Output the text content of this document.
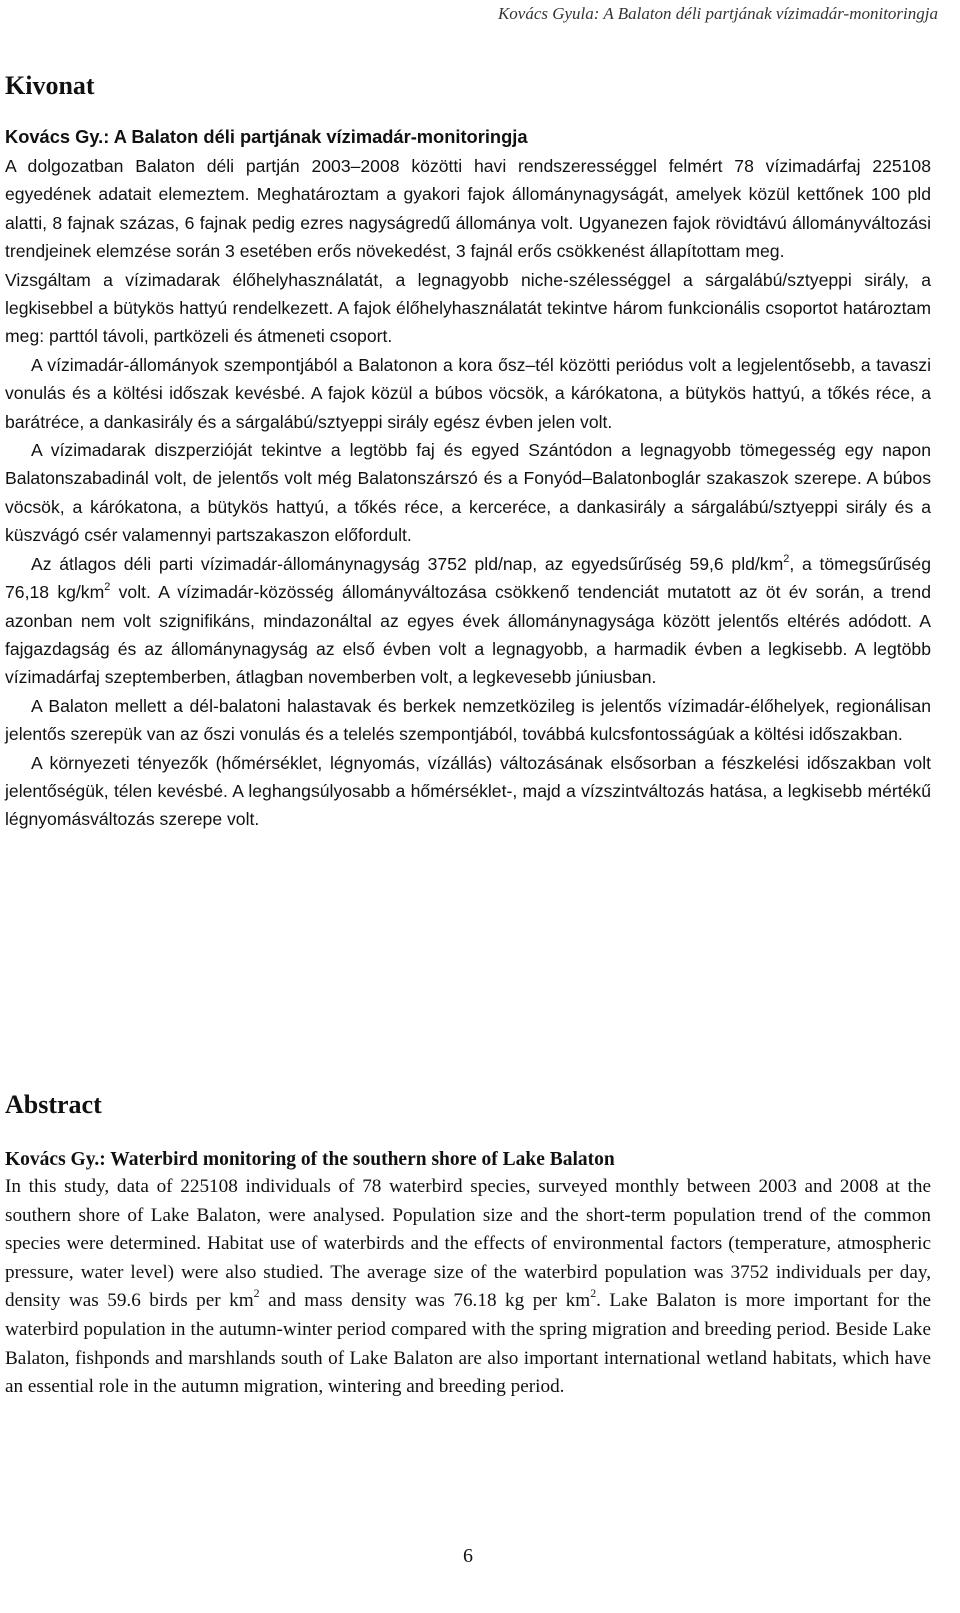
Kovács Gyula: A Balaton déli partjának vízimadár-monitoringja
Kivonat
Kovács Gy.: A Balaton déli partjának vízimadár-monitoringja

A dolgozatban Balaton déli partján 2003–2008 közötti havi rendszerességgel felmért 78 vízimadárfaj 225108 egyedének adatait elemeztem. Meghatároztam a gyakori fajok állománynagyságát, amelyek közül kettőnek 100 pld alatti, 8 fajnak százas, 6 fajnak pedig ezres nagyságredű állománya volt. Ugyanezen fajok rövidtávú állományváltozási trendjeinek elemzése során 3 esetében erős növekedést, 3 fajnál erős csökkenést állapítottam meg.

Vizsgáltam a vízimadarak élőhelyhasználatát, a legnagyobb niche-szélességgel a sárgalábú/sztyeppi sirály, a legkisebbel a bütykös hattyú rendelkezett. A fajok élőhelyhasználatát tekintve három funkcionális csoportot határoztam meg: parttól távoli, partközeli és átmeneti csoport.

A vízimadár-állományok szempontjából a Balatonon a kora ősz–tél közötti periódus volt a legjelentősebb, a tavaszi vonulás és a költési időszak kevésbé. A fajok közül a búbos vöcsök, a kárókatona, a bütykös hattyú, a tőkés réce, a barátréce, a dankasirály és a sárgalábú/sztyeppi sirály egész évben jelen volt.

A vízimadarak diszperzióját tekintve a legtöbb faj és egyed Szántódon a legnagyobb tömegesség egy napon Balatonszabadinál volt, de jelentős volt még Balatonszárszó és a Fonyód–Balatonboglár szakaszok szerepe. A búbos vöcsök, a kárókatona, a bütykös hattyú, a tőkés réce, a kercerécе, a dankasirály a sárgalábú/sztyeppi sirály és a küszvágó csér valamennyi partszakaszon előfordult.

Az átlagos déli parti vízimadár-állománynagyság 3752 pld/nap, az egyedsűrűség 59,6 pld/$km^2$, a tömegsűrűség 76,18 $kg/km^2$ volt. A vízimadár-közösség állományváltozása csökkenő tendenciát mutatott az öt év során, a trend azonban nem volt szignifikáns, mindazonáltal az egyes évek állománynagysága között jelentős eltérés adódott. A fajgazdagság és az állománynagyság az első évben volt a legnagyobb, a harmadik évben a legkisebb. A legtöbb vízimadárfaj szeptemberben, átlagban novemberben volt, a legkevesebb júniusban.

A Balaton mellett a dél-balatoni halastavak és berkek nemzetközileg is jelentős vízimadár-élőhelyek, regionálisan jelentős szerepük van az őszi vonulás és a telelés szempontjából, továbbá kulcsfontosságúak a költési időszakban.

A környezeti tényezők (hőmérséklet, légnyomás, vízállás) változásának elsősorban a fészkelési időszakban volt jelentőségük, télen kevésbé. A leghangsúlyosabb a hőmérséklet-, majd a vízszintváltozás hatása, a legkisebb mértékű légnyomásváltozás szerepe volt.

Abstract
Kovács Gy.: Waterbird monitoring of the southern shore of Lake Balaton

In this study, data of 225108 individuals of 78 waterbird species, surveyed monthly between 2003 and 2008 at the southern shore of Lake Balaton, were analysed. Population size and the short-term population trend of the common species were determined. Habitat use of waterbirds and the effects of environmental factors (temperature, atmospheric pressure, water level) were also studied. The average size of the waterbird population was 3752 individuals per day, density was 59.6 birds per $km^2$ and mass density was 76.18 kg per $km^2$. Lake Balaton is more important for the waterbird population in the autumn-winter period compared with the spring migration and breeding period. Beside Lake Balaton, fishponds and marshlands south of Lake Balaton are also important international wetland habitats, which have an essential role in the autumn migration, wintering and breeding period.

6
